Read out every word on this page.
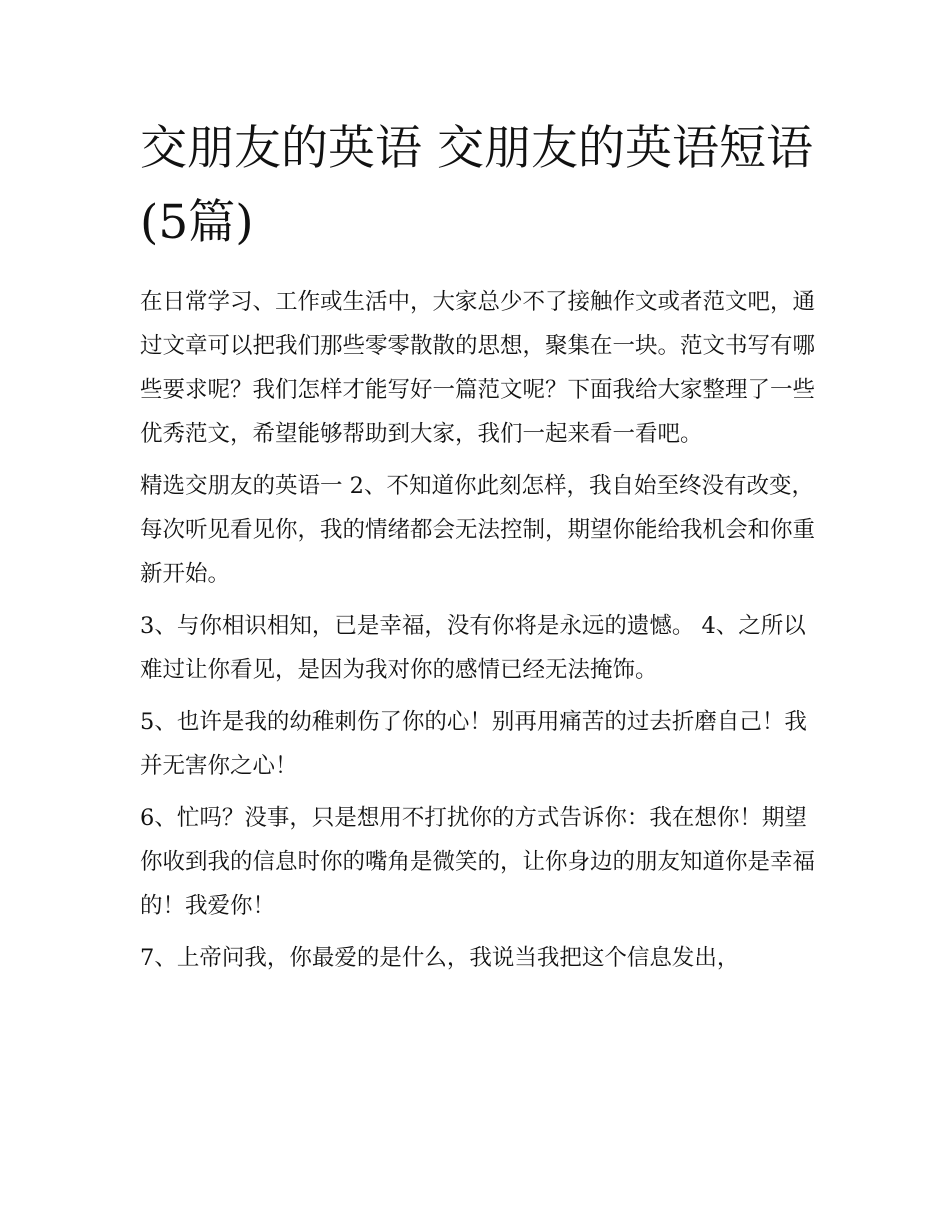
交朋友的英语 交朋友的英语短语(5篇)

在日常学习、工作或生活中，大家总少不了接触作文或者范文吧，通过文章可以把我们那些零零散散的思想，聚集在一块。范文书写有哪些要求呢？我们怎样才能写好一篇范文呢？下面我给大家整理了一些优秀范文，希望能够帮助到大家，我们一起来看一看吧。

精选交朋友的英语一 2、不知道你此刻怎样，我自始至终没有改变，每次听见看见你，我的情绪都会无法控制，期望你能给我机会和你重新开始。

3、与你相识相知，已是幸福，没有你将是永远的遗憾。 4、之所以难过让你看见，是因为我对你的感情已经无法掩饰。

5、也许是我的幼稚刺伤了你的心！别再用痛苦的过去折磨自己！我并无害你之心！

6、忙吗？没事，只是想用不打扰你的方式告诉你：我在想你！期望你收到我的信息时你的嘴角是微笑的，让你身边的朋友知道你是幸福的！我爱你！

7、上帝问我，你最爱的是什么，我说当我把这个信息发出，
